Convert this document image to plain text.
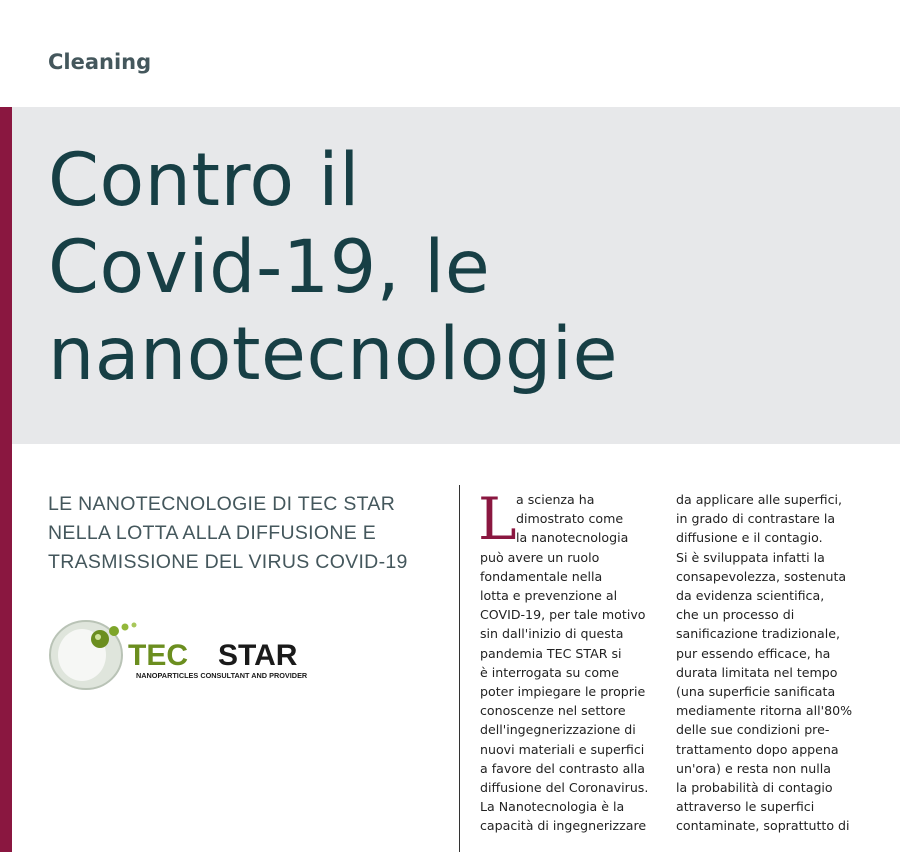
Cleaning
Contro il
Covid-19, le
nanotecnologie
LE NANOTECNOLOGIE DI TEC STAR
NELLA LOTTA ALLA DIFFUSIONE E
TRASMISSIONE DEL VIRUS COVID-19
TEC STAR
NANOPARTICLES CONSULTANT AND PROVIDER
L a scienza ha
dimostrato come
la nanotecnologia
può avere un ruolo
fondamentale nella
lotta e prevenzione al
COVID-19, per tale motivo
sin dall'inizio di questa
pandemia TEC STAR si
è interrogata su come
poter impiegare le proprie
conoscenze nel settore
dell'ingegnerizzazione di
nuovi materiali e superfici
a favore del contrasto alla
diffusione del Coronavirus.
La Nanotecnologia è la
capacità di ingegnerizzare
da applicare alle superfici,
in grado di contrastare la
diffusione e il contagio.
Si è sviluppata infatti la
consapevolezza, sostenuta
da evidenza scientifica,
che un processo di
sanificazione tradizionale,
pur essendo efficace, ha
durata limitata nel tempo
(una superficie sanificata
mediamente ritorna all'80%
delle sue condizioni pre-
trattamento dopo appena
un'ora) e resta non nulla
la probabilità di contagio
attraverso le superfici
contaminate, soprattutto di
